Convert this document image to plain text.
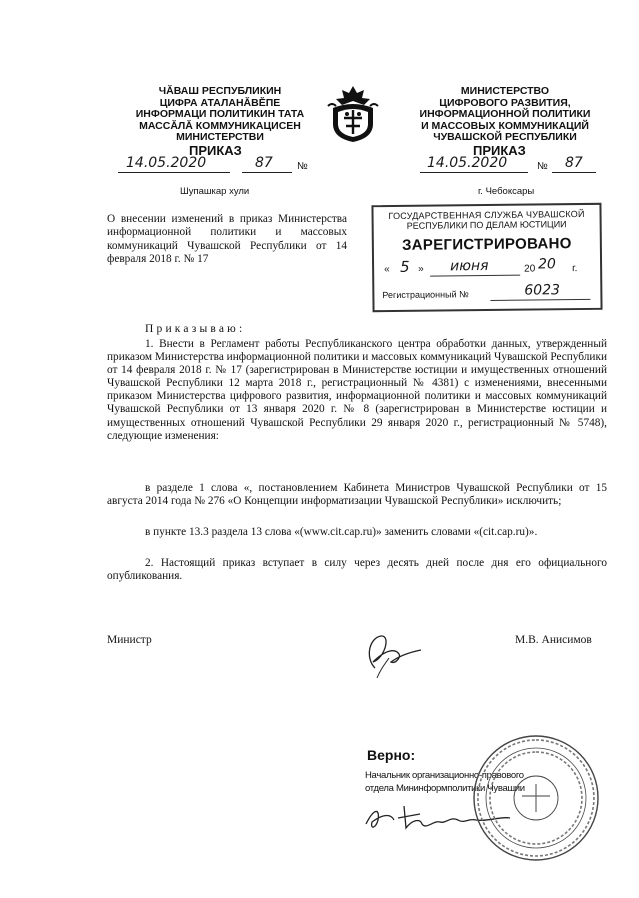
ЧĂВАШ РЕСПУБЛИКИН
ЦИФРА АТАЛАНĂВĔПЕ
ИНФОРМАЦИ ПОЛИТИКИН ТАТА
МАССĂЛĂ КОММУНИКАЦИСЕН
МИНИСТЕРСТВИ
ПРИКАЗ
14.05.2020	87 №
Шупашкар хули
МИНИСТЕРСТВО
ЦИФРОВОГО РАЗВИТИЯ,
ИНФОРМАЦИОННОЙ ПОЛИТИКИ
И МАССОВЫХ КОММУНИКАЦИЙ
ЧУВАШСКОЙ РЕСПУБЛИКИ
ПРИКАЗ
14.05.2020	№ 87
г. Чебоксары
О внесении изменений в приказ Министерства информационной политики и массовых коммуникаций Чувашской Республики от 14 февраля 2018 г. № 17
ГОСУДАРСТВЕННАЯ СЛУЖБА ЧУВАШСКОЙ
РЕСПУБЛИКИ ПО ДЕЛАМ ЮСТИЦИИ
ЗАРЕГИСТРИРОВАНО
« 5 » июня	20 20 г.
Регистрационный №	6023
Приказываю:
1. Внести в Регламент работы Республиканского центра обработки данных, утвержденный приказом Министерства информационной политики и массовых коммуникаций Чувашской Республики от 14 февраля 2018 г. № 17 (зарегистрирован в Министерстве юстиции и имущественных отношений Чувашской Республики 12 марта 2018 г., регистрационный № 4381) с изменениями, внесенными приказом Министерства цифрового развития, информационной политики и массовых коммуникаций Чувашской Республики от 13 января 2020 г. № 8 (зарегистрирован в Министерстве юстиции и имущественных отношений Чувашской Республики 29 января 2020 г., регистрационный № 5748), следующие изменения:
в разделе 1 слова «, постановлением Кабинета Министров Чувашской Республики от 15 августа 2014 года № 276 «О Концепции информатизации Чувашской Республики» исключить;
в пункте 13.3 раздела 13 слова «(www.cit.cap.ru)» заменить словами «(cit.cap.ru)».
2. Настоящий приказ вступает в силу через десять дней после дня его официального опубликования.
Министр	М.В. Анисимов
Верно:
Начальник организационно-правового
отдела Мининформполитики Чувашии
